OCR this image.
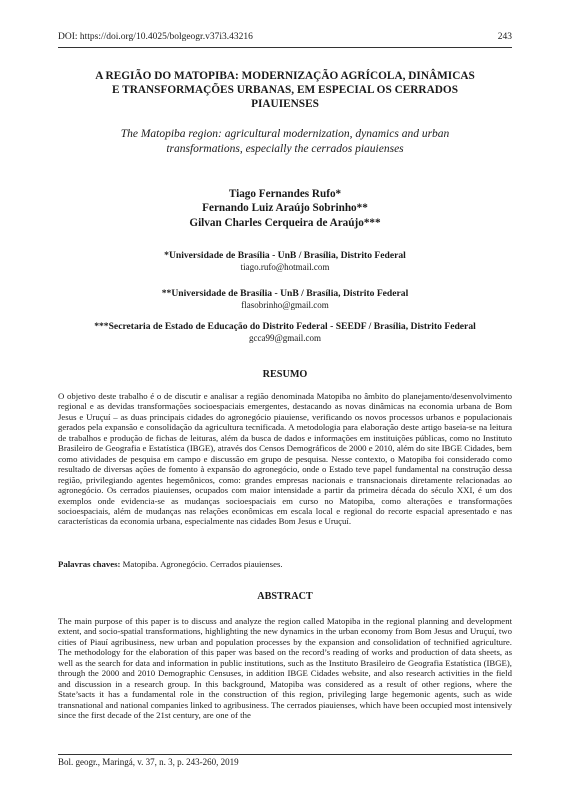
DOI: https://doi.org/10.4025/bolgeogr.v37i3.43216	243
A REGIÃO DO MATOPIBA: MODERNIZAÇÃO AGRÍCOLA, DINÂMICAS
E TRANSFORMAÇÕES URBANAS, EM ESPECIAL OS CERRADOS
PIAUIENSES
The Matopiba region: agricultural modernization, dynamics and urban
transformations, especially the cerrados piauienses
Tiago Fernandes Rufo*
Fernando Luiz Araújo Sobrinho**
Gilvan Charles Cerqueira de Araújo***
*Universidade de Brasília - UnB / Brasília, Distrito Federal
tiago.rufo@hotmail.com
**Universidade de Brasília - UnB / Brasília, Distrito Federal
flasobrinho@gmail.com
***Secretaria de Estado de Educação do Distrito Federal - SEEDF / Brasília, Distrito Federal
gcca99@gmail.com
RESUMO
O objetivo deste trabalho é o de discutir e analisar a região denominada Matopiba no âmbito do planejamento/desenvolvimento regional e as devidas transformações socioespaciais emergentes, destacando as novas dinâmicas na economia urbana de Bom Jesus e Uruçuí – as duas principais cidades do agronegócio piauiense, verificando os novos processos urbanos e populacionais gerados pela expansão e consolidação da agricultura tecnificada. A metodologia para elaboração deste artigo baseia-se na leitura de trabalhos e produção de fichas de leituras, além da busca de dados e informações em instituições públicas, como no Instituto Brasileiro de Geografia e Estatística (IBGE), através dos Censos Demográficos de 2000 e 2010, além do site IBGE Cidades, bem como atividades de pesquisa em campo e discussão em grupo de pesquisa. Nesse contexto, o Matopiba foi considerado como resultado de diversas ações de fomento à expansão do agronegócio, onde o Estado teve papel fundamental na construção dessa região, privilegiando agentes hegemônicos, como: grandes empresas nacionais e transnacionais diretamente relacionadas ao agronegócio. Os cerrados piauienses, ocupados com maior intensidade a partir da primeira década do século XXI, é um dos exemplos onde evidencia-se as mudanças socioespaciais em curso no Matopiba, como alterações e transformações socioespaciais, além de mudanças nas relações econômicas em escala local e regional do recorte espacial apresentado e nas características da economia urbana, especialmente nas cidades Bom Jesus e Uruçuí.
Palavras chaves: Matopiba. Agronegócio. Cerrados piauienses.
ABSTRACT
The main purpose of this paper is to discuss and analyze the region called Matopiba in the regional planning and development extent, and socio-spatial transformations, highlighting the new dynamics in the urban economy from Bom Jesus and Uruçuí, two cities of Piauí agribusiness, new urban and population processes by the expansion and consolidation of technified agriculture. The methodology for the elaboration of this paper was based on the record’s reading of works and production of data sheets, as well as the search for data and information in public institutions, such as the Instituto Brasileiro de Geografia Estatística (IBGE), through the 2000 and 2010 Demographic Censuses, in addition IBGE Cidades website, and also research activities in the field and discussion in a research group. In this background, Matopiba was considered as a result of other regions, where the State’sacts it has a fundamental role in the construction of this region, privileging large hegemonic agents, such as wide transnational and national companies linked to agribusiness. The cerrados piauienses, which have been occupied most intensively since the first decade of the 21st century, are one of the
Bol. geogr., Maringá, v. 37, n. 3, p. 243-260, 2019
